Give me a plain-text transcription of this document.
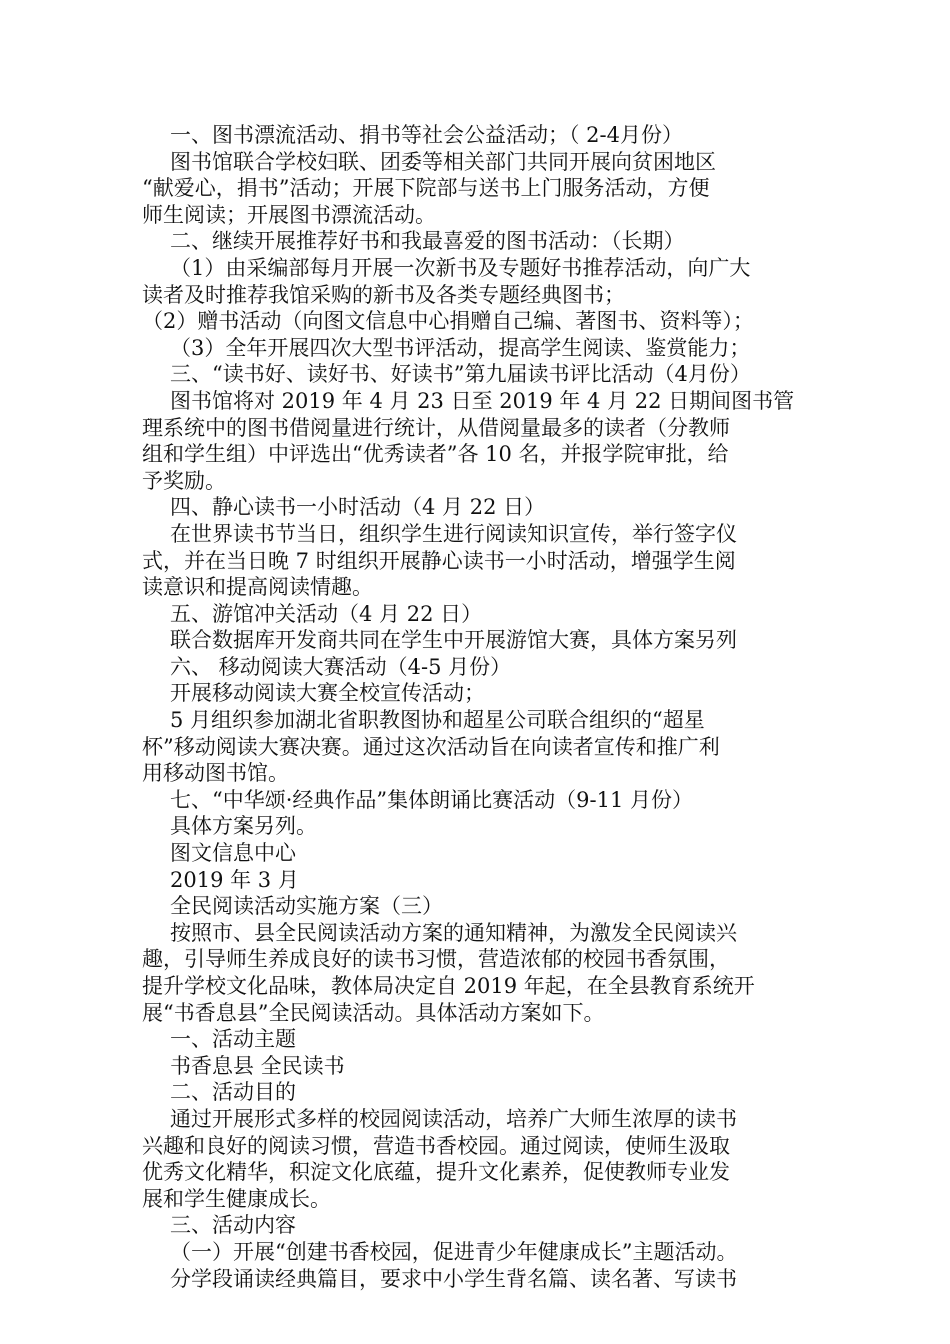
一、图书漂流活动、捐书等社会公益活动；（ 2-4月份）
图书馆联合学校妇联、团委等相关部门共同开展向贫困地区
“献爱心，捐书”活动；开展下院部与送书上门服务活动，方便
师生阅读；开展图书漂流活动。
二、继续开展推荐好书和我最喜爱的图书活动：（长期）
（1）由采编部每月开展一次新书及专题好书推荐活动，向广大
读者及时推荐我馆采购的新书及各类专题经典图书；
（2）赠书活动（向图文信息中心捐赠自己编、著图书、资料等）；
（3）全年开展四次大型书评活动，提高学生阅读、鉴赏能力；
三、“读书好、读好书、好读书”第九届读书评比活动（4月份）
图书馆将对 2019 年 4 月 23 日至 2019 年 4 月 22 日期间图书管
理系统中的图书借阅量进行统计，从借阅量最多的读者（分教师
组和学生组）中评选出“优秀读者”各 10 名，并报学院审批，给
予奖励。
四、静心读书一小时活动（4 月 22 日）
在世界读书节当日，组织学生进行阅读知识宣传，举行签字仪
式，并在当日晚 7 时组织开展静心读书一小时活动，增强学生阅
读意识和提高阅读情趣。
五、游馆冲关活动（4 月 22 日）
联合数据库开发商共同在学生中开展游馆大赛，具体方案另列
六、 移动阅读大赛活动（4-5 月份）
开展移动阅读大赛全校宣传活动；
5 月组织参加湖北省职教图协和超星公司联合组织的“超星
杯”移动阅读大赛决赛。通过这次活动旨在向读者宣传和推广利
用移动图书馆。
七、“中华颂·经典作品”集体朗诵比赛活动（9-11 月份）
具体方案另列。
图文信息中心
2019 年 3 月
全民阅读活动实施方案（三）
按照市、县全民阅读活动方案的通知精神，为激发全民阅读兴
趣，引导师生养成良好的读书习惯，营造浓郁的校园书香氛围，
提升学校文化品味，教体局决定自 2019 年起，在全县教育系统开
展“书香息县”全民阅读活动。具体活动方案如下。
一、活动主题
书香息县 全民读书
二、活动目的
通过开展形式多样的校园阅读活动，培养广大师生浓厚的读书
兴趣和良好的阅读习惯，营造书香校园。通过阅读，使师生汲取
优秀文化精华，积淀文化底蕴，提升文化素养，促使教师专业发
展和学生健康成长。
三、活动内容
（一）开展“创建书香校园，促进青少年健康成长”主题活动。
分学段诵读经典篇目，要求中小学生背名篇、读名著、写读书
